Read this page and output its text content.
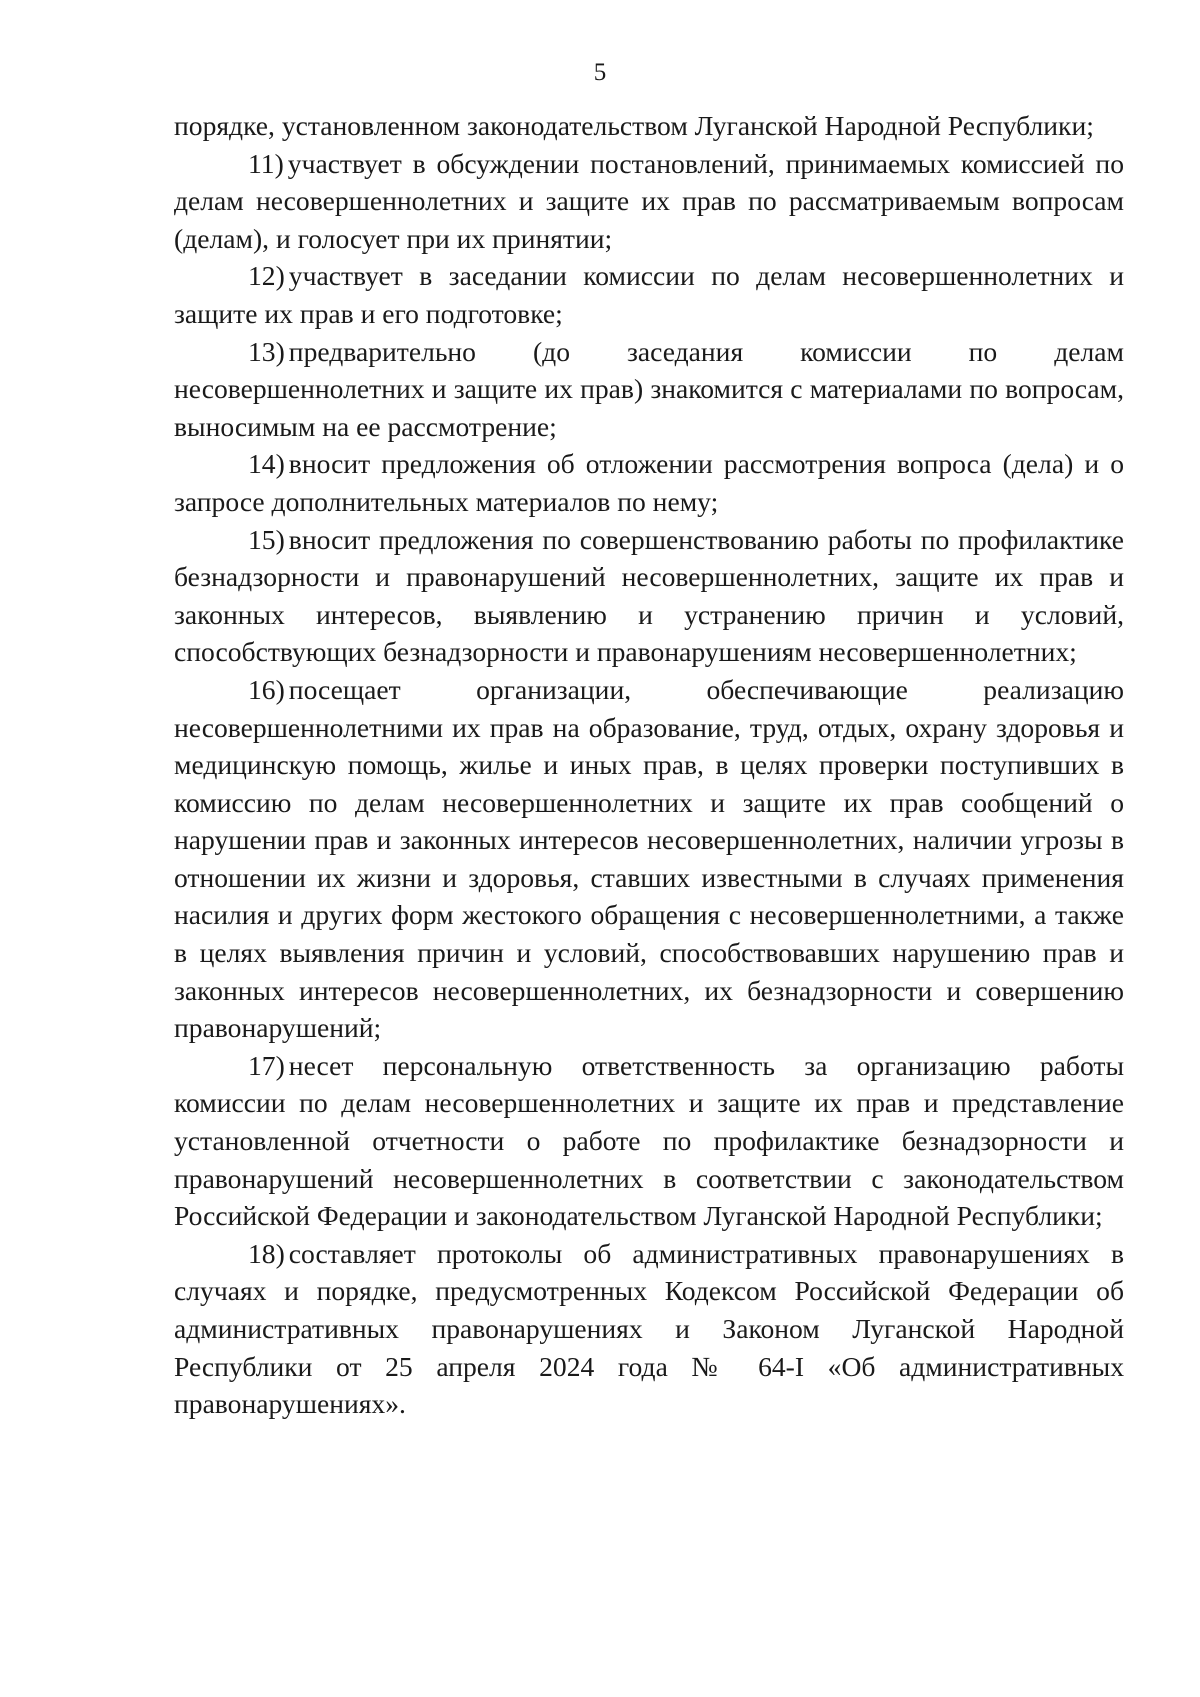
5

порядке, установленном законодательством Луганской Народной Республики;

11) участвует в обсуждении постановлений, принимаемых комиссией по делам несовершеннолетних и защите их прав по рассматриваемым вопросам (делам), и голосует при их принятии;

12) участвует в заседании комиссии по делам несовершеннолетних и защите их прав и его подготовке;

13) предварительно (до заседания комиссии по делам несовершеннолетних и защите их прав) знакомится с материалами по вопросам, выносимым на ее рассмотрение;

14) вносит предложения об отложении рассмотрения вопроса (дела) и о запросе дополнительных материалов по нему;

15) вносит предложения по совершенствованию работы по профилактике безнадзорности и правонарушений несовершеннолетних, защите их прав и законных интересов, выявлению и устранению причин и условий, способствующих безнадзорности и правонарушениям несовершеннолетних;

16) посещает организации, обеспечивающие реализацию несовершеннолетними их прав на образование, труд, отдых, охрану здоровья и медицинскую помощь, жилье и иных прав, в целях проверки поступивших в комиссию по делам несовершеннолетних и защите их прав сообщений о нарушении прав и законных интересов несовершеннолетних, наличии угрозы в отношении их жизни и здоровья, ставших известными в случаях применения насилия и других форм жестокого обращения с несовершеннолетними, а также в целях выявления причин и условий, способствовавших нарушению прав и законных интересов несовершеннолетних, их безнадзорности и совершению правонарушений;

17) несет персональную ответственность за организацию работы комиссии по делам несовершеннолетних и защите их прав и представление установленной отчетности о работе по профилактике безнадзорности и правонарушений несовершеннолетних в соответствии с законодательством Российской Федерации и законодательством Луганской Народной Республики;

18) составляет протоколы об административных правонарушениях в случаях и порядке, предусмотренных Кодексом Российской Федерации об административных правонарушениях и Законом Луганской Народной Республики от 25 апреля 2024 года № 64-I «Об административных правонарушениях».
